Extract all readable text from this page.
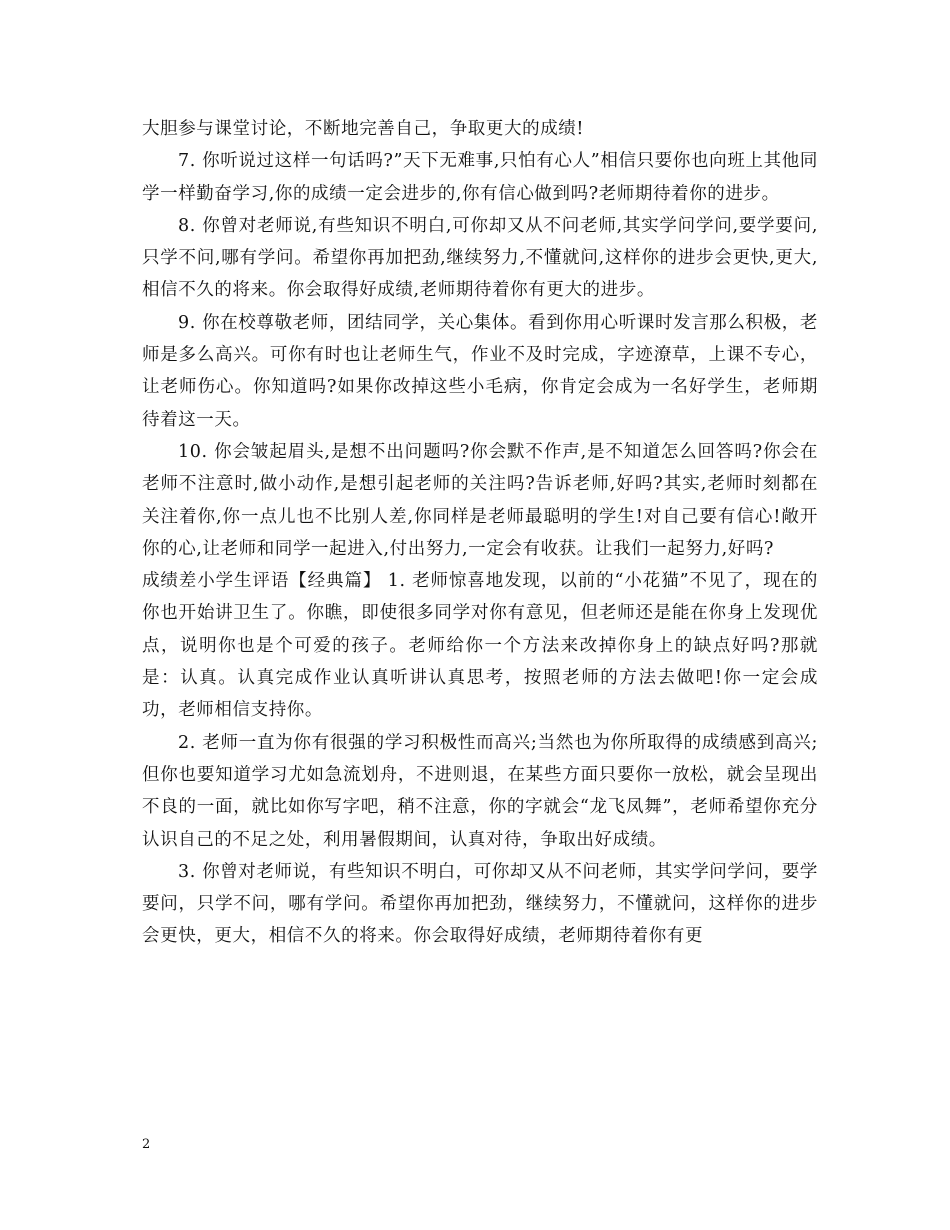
大胆参与课堂讨论，不断地完善自己，争取更大的成绩!

7. 你听说过这样一句话吗?”天下无难事,只怕有心人”相信只要你也向班上其他同学一样勤奋学习,你的成绩一定会进步的,你有信心做到吗?老师期待着你的进步。

8. 你曾对老师说,有些知识不明白,可你却又从不问老师,其实学问学问,要学要问,只学不问,哪有学问。希望你再加把劲,继续努力,不懂就问,这样你的进步会更快,更大,相信不久的将来。你会取得好成绩,老师期待着你有更大的进步。

9. 你在校尊敬老师，团结同学，关心集体。看到你用心听课时发言那么积极，老师是多么高兴。可你有时也让老师生气，作业不及时完成，字迹潦草，上课不专心，让老师伤心。你知道吗?如果你改掉这些小毛病，你肯定会成为一名好学生，老师期待着这一天。

10. 你会皱起眉头,是想不出问题吗?你会默不作声,是不知道怎么回答吗?你会在老师不注意时,做小动作,是想引起老师的关注吗?告诉老师,好吗?其实,老师时刻都在关注着你,你一点儿也不比别人差,你同样是老师最聪明的学生!对自己要有信心!敞开你的心,让老师和同学一起进入,付出努力,一定会有收获。让我们一起努力,好吗?

成绩差小学生评语【经典篇】 1. 老师惊喜地发现，以前的“小花猫”不见了，现在的你也开始讲卫生了。你瞧，即使很多同学对你有意见，但老师还是能在你身上发现优点，说明你也是个可爱的孩子。老师给你一个方法来改掉你身上的缺点好吗?那就是：认真。认真完成作业认真听讲认真思考，按照老师的方法去做吧!你一定会成功，老师相信支持你。

2. 老师一直为你有很强的学习积极性而高兴;当然也为你所取得的成绩感到高兴;但你也要知道学习尤如急流划舟，不进则退，在某些方面只要你一放松，就会呈现出不良的一面，就比如你写字吧，稍不注意，你的字就会“龙飞凤舞”，老师希望你充分认识自己的不足之处，利用暑假期间，认真对待，争取出好成绩。

3. 你曾对老师说，有些知识不明白，可你却又从不问老师，其实学问学问，要学要问，只学不问，哪有学问。希望你再加把劲，继续努力，不懂就问，这样你的进步会更快，更大，相信不久的将来。你会取得好成绩，老师期待着你有更

2
